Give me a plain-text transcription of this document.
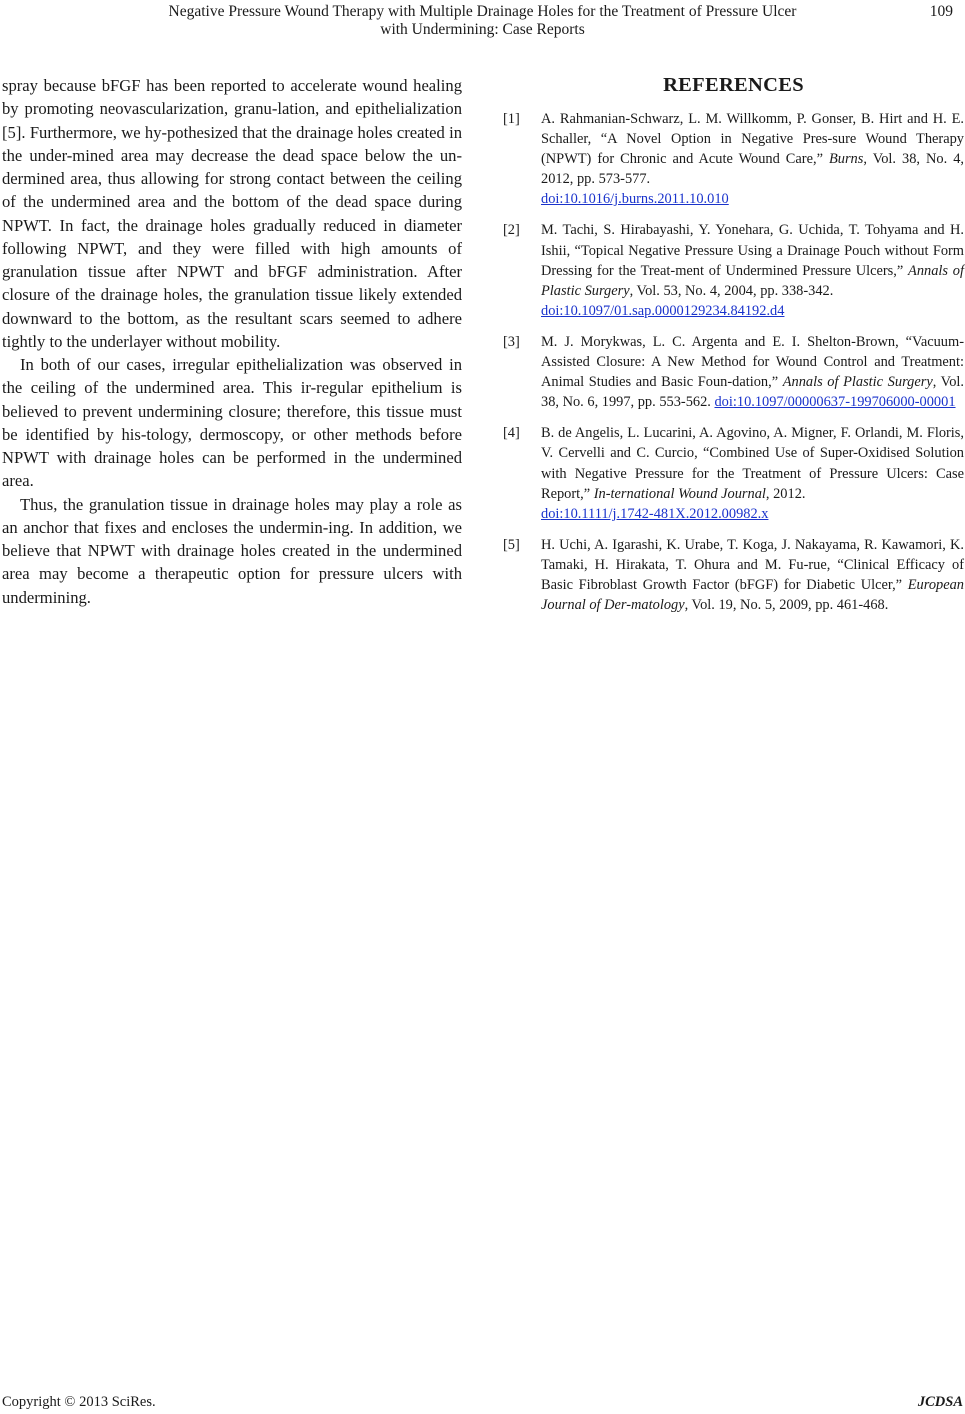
Negative Pressure Wound Therapy with Multiple Drainage Holes for the Treatment of Pressure Ulcer
with Undermining: Case Reports
109

spray because bFGF has been reported to accelerate wound healing by promoting neovascularization, granu-lation, and epithelialization [5]. Furthermore, we hy-pothesized that the drainage holes created in the under-mined area may decrease the dead space below the un-dermined area, thus allowing for strong contact between the ceiling of the undermined area and the bottom of the dead space during NPWT. In fact, the drainage holes gradually reduced in diameter following NPWT, and they were filled with high amounts of granulation tissue after NPWT and bFGF administration. After closure of the drainage holes, the granulation tissue likely extended downward to the bottom, as the resultant scars seemed to adhere tightly to the underlayer without mobility.

In both of our cases, irregular epithelialization was observed in the ceiling of the undermined area. This ir-regular epithelium is believed to prevent undermining closure; therefore, this tissue must be identified by his-tology, dermoscopy, or other methods before NPWT with drainage holes can be performed in the undermined area.

Thus, the granulation tissue in drainage holes may play a role as an anchor that fixes and encloses the undermin-ing. In addition, we believe that NPWT with drainage holes created in the undermined area may become a therapeutic option for pressure ulcers with undermining.

REFERENCES
[1] A. Rahmanian-Schwarz, L. M. Willkomm, P. Gonser, B. Hirt and H. E. Schaller, “A Novel Option in Negative Pres-sure Wound Therapy (NPWT) for Chronic and Acute Wound Care,” Burns, Vol. 38, No. 4, 2012, pp. 573-577.
doi:10.1016/j.burns.2011.10.010
[2] M. Tachi, S. Hirabayashi, Y. Yonehara, G. Uchida, T. Tohyama and H. Ishii, “Topical Negative Pressure Using a Drainage Pouch without Form Dressing for the Treat-ment of Undermined Pressure Ulcers,” Annals of Plastic Surgery, Vol. 53, No. 4, 2004, pp. 338-342.
doi:10.1097/01.sap.0000129234.84192.d4
[3] M. J. Morykwas, L. C. Argenta and E. I. Shelton-Brown, “Vacuum-Assisted Closure: A New Method for Wound Control and Treatment: Animal Studies and Basic Foun-dation,” Annals of Plastic Surgery, Vol. 38, No. 6, 1997, pp. 553-562. doi:10.1097/00000637-199706000-00001
[4] B. de Angelis, L. Lucarini, A. Agovino, A. Migner, F. Orlandi, M. Floris, V. Cervelli and C. Curcio, “Combined Use of Super-Oxidised Solution with Negative Pressure for the Treatment of Pressure Ulcers: Case Report,” In-ternational Wound Journal, 2012.
doi:10.1111/j.1742-481X.2012.00982.x
[5] H. Uchi, A. Igarashi, K. Urabe, T. Koga, J. Nakayama, R. Kawamori, K. Tamaki, H. Hirakata, T. Ohura and M. Fu-rue, “Clinical Efficacy of Basic Fibroblast Growth Factor (bFGF) for Diabetic Ulcer,” European Journal of Der-matology, Vol. 19, No. 5, 2009, pp. 461-468.
Copyright © 2013 SciRes.	JCDSA
